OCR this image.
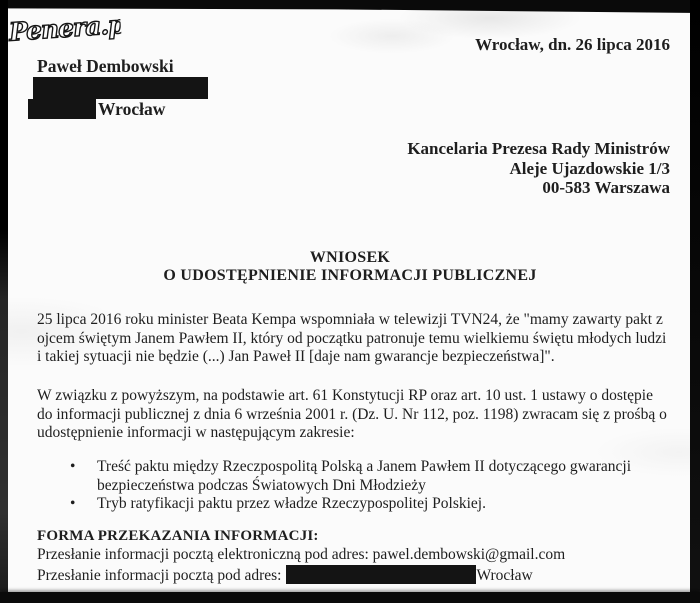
Penera.pl	Wrocław, dn. 26 lipca 2016
Paweł Dembowski
Wrocław
Kancelaria Prezesa Rady Ministrów
Aleje Ujazdowskie 1/3
00-583 Warszawa
WNIOSEK
O UDOSTĘPNIENIE INFORMACJI PUBLICZNEJ
25 lipca 2016 roku minister Beata Kempa wspomniała w telewizji TVN24, że "mamy zawarty pakt z ojcem świętym Janem Pawłem II, który od początku patronuje temu wielkiemu świętu młodych ludzi i takiej sytuacji nie będzie (...) Jan Paweł II [daje nam gwarancje bezpieczeństwa]".
W związku z powyższym, na podstawie art. 61 Konstytucji RP oraz art. 10 ust. 1 ustawy o dostępie do informacji publicznej z dnia 6 września 2001 r. (Dz. U. Nr 112, poz. 1198) zwracam się z prośbą o udostępnienie informacji w następującym zakresie:
•	Treść paktu między Rzeczpospolitą Polską a Janem Pawłem II dotyczącego gwarancji bezpieczeństwa podczas Światowych Dni Młodzieży
•	Tryb ratyfikacji paktu przez władze Rzeczypospolitej Polskiej.
FORMA PRZEKAZANIA INFORMACJI:
Przesłanie informacji pocztą elektroniczną pod adres: pawel.dembowski@gmail.com
Przesłanie informacji pocztą pod adres:	Wrocław
